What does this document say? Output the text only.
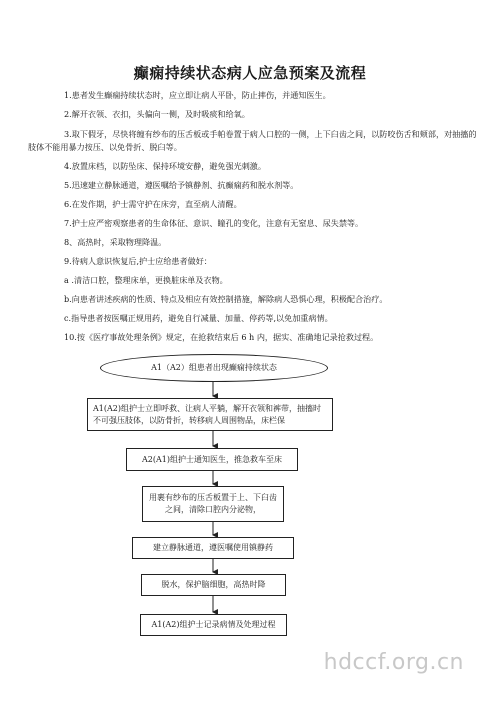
癫痫持续状态病人应急预案及流程
1.患者发生癫痫持续状态时，应立即让病人平卧，防止摔伤，并通知医生。
2.解开衣领、衣扣，头偏向一侧，及时吸痰和给氧。
3.取下假牙，尽快将缠有纱布的压舌板或手帕卷置于病人口腔的一侧，上下臼齿之间，以防咬伤舌和颊部，对抽搐的肢体不能用暴力按压、以免骨折、脱臼等。
4.放置床档，以防坠床、保持环境安静，避免强光刺激。
5.迅速建立静脉通道，遵医嘱给予镇静剂、抗癫痫药和脱水剂等。
6.在发作期，护士需守护在床旁，直至病人清醒。
7.护士应严密观察患者的生命体征、意识、瞳孔的变化，注意有无窒息、尿失禁等。
8、高热时，采取物理降温。
9.待病人意识恢复后,护士应给患者做好：
a .清洁口腔，整理床单，更换脏床单及衣物。
b.向患者讲述疾病的性质、特点及相应有效控制措施，解除病人恐惧心理，积极配合治疗。
c.指导患者按医嘱正规用药，避免自行减量、加量、停药等,以免加重病情。
10.按《医疗事故处理条例》规定，在抢救结束后 6 h 内，据实、准确地记录抢救过程。
A1（A2）组患者出现癫痫持续状态
A1(A2)组护士立即呼救、让病人平躺，解开衣领和裤带，抽搐时不可强压肢体，以防骨折，转移病人周围物品，床栏保
A2(A1)组护士通知医生，推急救车至床
用裹有纱布的压舌板置于上、下臼齿之间，清除口腔内分泌物，
建立静脉通道，遵医嘱使用镇静药
脱水，保护脑细胞，高热时降
A1(A2)组护士记录病情及处理过程
hdccf.org.cn
